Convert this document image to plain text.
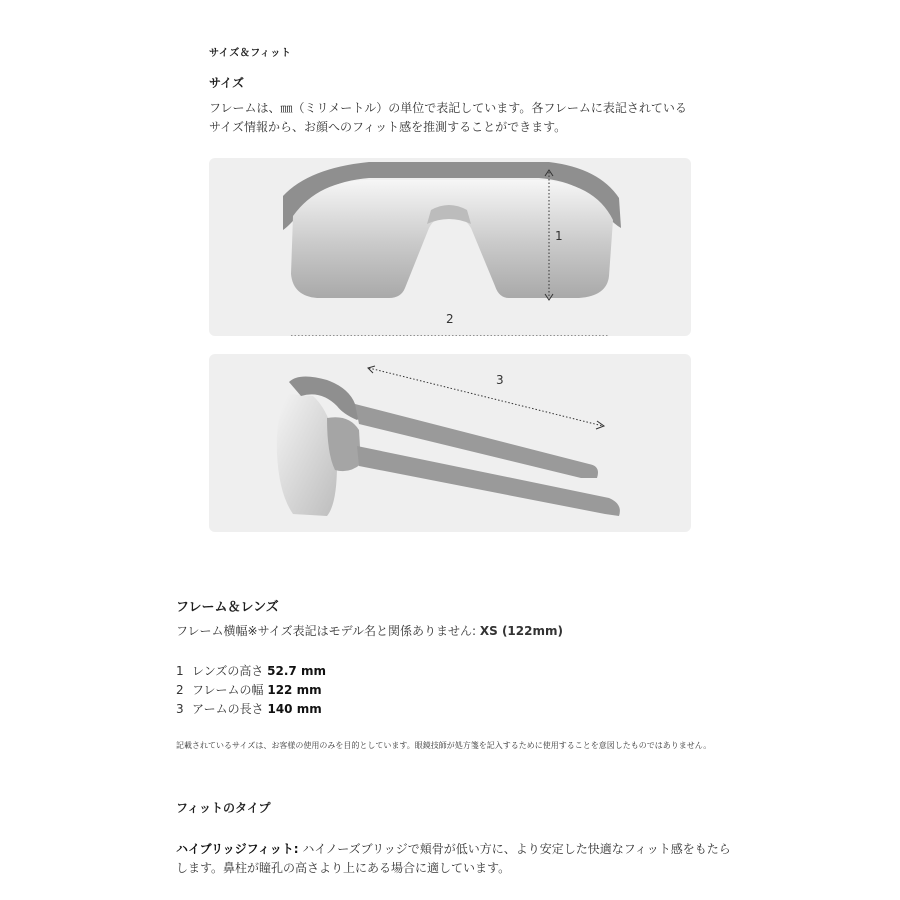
サイズ＆フィット
サイズ
フレームは、㎜（ミリメートル）の単位で表記しています。各フレームに表記されている
サイズ情報から、お顔へのフィット感を推測することができます。
1
2
3
フレーム＆レンズ
フレーム横幅※サイズ表記はモデル名と関係ありません: XS (122mm)
1 レンズの高さ 52.7 mm
2 フレームの幅 122 mm
3 アームの長さ 140 mm
記載されているサイズは、お客様の使用のみを目的としています。眼鏡技師が処方箋を記入するために使用することを意図したものではありません。
フィットのタイプ
ハイブリッジフィット: ハイノーズブリッジで頬骨が低い方に、より安定した快適なフィット感をもたらします。鼻柱が瞳孔の高さより上にある場合に適しています。
